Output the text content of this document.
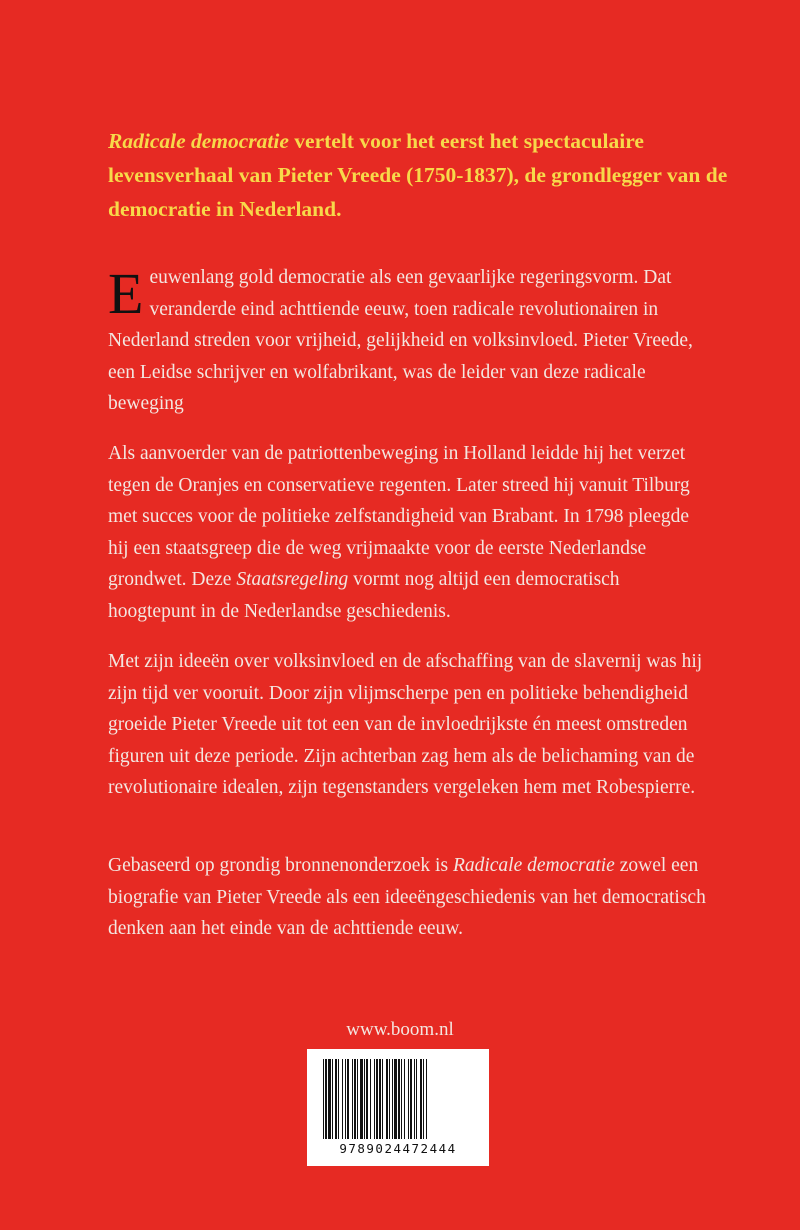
Radicale democratie vertelt voor het eerst het spectaculaire levensverhaal van Pieter Vreede (1750-1837), de grondlegger van de democratie in Nederland.

Eeuwenlang gold democratie als een gevaarlijke regeringsvorm. Dat veranderde eind achttiende eeuw, toen radicale revolutionairen in Nederland streden voor vrijheid, gelijkheid en volksinvloed. Pieter Vreede, een Leidse schrijver en wolfabrikant, was de leider van deze radicale beweging

Als aanvoerder van de patriottenbeweging in Holland leidde hij het verzet tegen de Oranjes en conservatieve regenten. Later streed hij vanuit Tilburg met succes voor de politieke zelfstandigheid van Brabant. In 1798 pleegde hij een staatsgreep die de weg vrijmaakte voor de eerste Nederlandse grondwet. Deze Staatsregeling vormt nog altijd een democratisch hoogtepunt in de Nederlandse geschiedenis.

Met zijn ideeën over volksinvloed en de afschaffing van de slavernij was hij zijn tijd ver vooruit. Door zijn vlijmscherpe pen en politieke behendigheid groeide Pieter Vreede uit tot een van de invloedrijkste én meest omstreden figuren uit deze periode. Zijn achterban zag hem als de belichaming van de revolutionaire idealen, zijn tegenstanders vergeleken hem met Robespierre.

Gebaseerd op grondig bronnenonderzoek is Radicale democratie zowel een biografie van Pieter Vreede als een ideeëngeschiedenis van het democratisch denken aan het einde van de achttiende eeuw.

www.boom.nl
9789024472444
